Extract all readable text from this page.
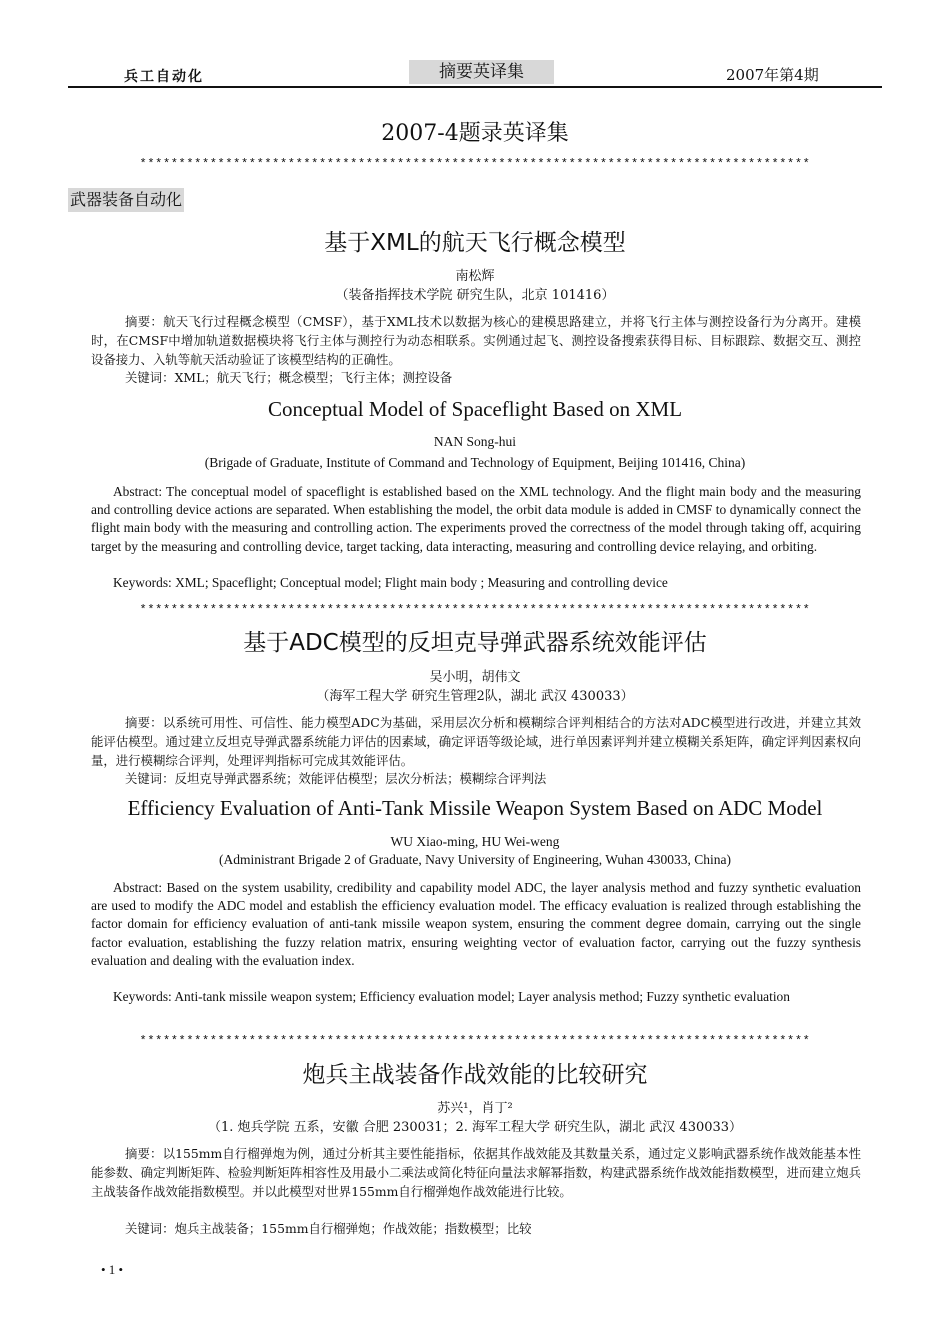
兵工自动化	摘要英译集	2007年第4期
2007-4题录英译集
**************************************************************************************
武器装备自动化
基于XML的航天飞行概念模型
南松辉
（装备指挥技术学院 研究生队，北京 101416）
摘要：航天飞行过程概念模型（CMSF），基于XML技术以数据为核心的建模思路建立，并将飞行主体与测控设备行为分离开。建模时，在CMSF中增加轨道数据模块将飞行主体与测控行为动态相联系。实例通过起飞、测控设备搜索获得目标、目标跟踪、数据交互、测控设备接力、入轨等航天活动验证了该模型结构的正确性。
关键词：XML；航天飞行；概念模型；飞行主体；测控设备
Conceptual Model of Spaceflight Based on XML
NAN Song-hui
(Brigade of Graduate, Institute of Command and Technology of Equipment, Beijing 101416, China)
Abstract: The conceptual model of spaceflight is established based on the XML technology. And the flight main body and the measuring and controlling device actions are separated. When establishing the model, the orbit data module is added in CMSF to dynamically connect the flight main body with the measuring and controlling action. The experiments proved the correctness of the model through taking off, acquiring target by the measuring and controlling device, target tacking, data interacting, measuring and controlling device relaying, and orbiting.
Keywords: XML; Spaceflight; Conceptual model; Flight main body ; Measuring and controlling device
**************************************************************************************
基于ADC模型的反坦克导弹武器系统效能评估
吴小明，胡伟文
（海军工程大学 研究生管理2队，湖北 武汉 430033）
摘要：以系统可用性、可信性、能力模型ADC为基础，采用层次分析和模糊综合评判相结合的方法对ADC模型进行改进，并建立其效能评估模型。通过建立反坦克导弹武器系统能力评估的因素域，确定评语等级论域，进行单因素评判并建立模糊关系矩阵，确定评判因素权向量，进行模糊综合评判，处理评判指标可完成其效能评估。
关键词：反坦克导弹武器系统；效能评估模型；层次分析法；模糊综合评判法
Efficiency Evaluation of Anti-Tank Missile Weapon System Based on ADC Model
WU Xiao-ming, HU Wei-weng
(Administrant Brigade 2 of Graduate, Navy University of Engineering, Wuhan 430033, China)
Abstract: Based on the system usability, credibility and capability model ADC, the layer analysis method and fuzzy synthetic evaluation are used to modify the ADC model and establish the efficiency evaluation model. The efficacy evaluation is realized through establishing the factor domain for efficiency evaluation of anti-tank missile weapon system, ensuring the comment degree domain, carrying out the single factor evaluation, establishing the fuzzy relation matrix, ensuring weighting vector of evaluation factor, carrying out the fuzzy synthesis evaluation and dealing with the evaluation index.
Keywords: Anti-tank missile weapon system; Efficiency evaluation model; Layer analysis method; Fuzzy synthetic evaluation
**************************************************************************************
炮兵主战装备作战效能的比较研究
苏兴¹，肖丁²
（1. 炮兵学院 五系，安徽 合肥 230031；2. 海军工程大学 研究生队，湖北 武汉 430033）
摘要：以155mm自行榴弹炮为例，通过分析其主要性能指标，依据其作战效能及其数量关系，通过定义影响武器系统作战效能基本性能参数、确定判断矩阵、检验判断矩阵相容性及用最小二乘法或简化特征向量法求解幂指数，构建武器系统作战效能指数模型，进而建立炮兵主战装备作战效能指数模型。并以此模型对世界155mm自行榴弹炮作战效能进行比较。
关键词：炮兵主战装备；155mm自行榴弹炮；作战效能；指数模型；比较
• 1 •
